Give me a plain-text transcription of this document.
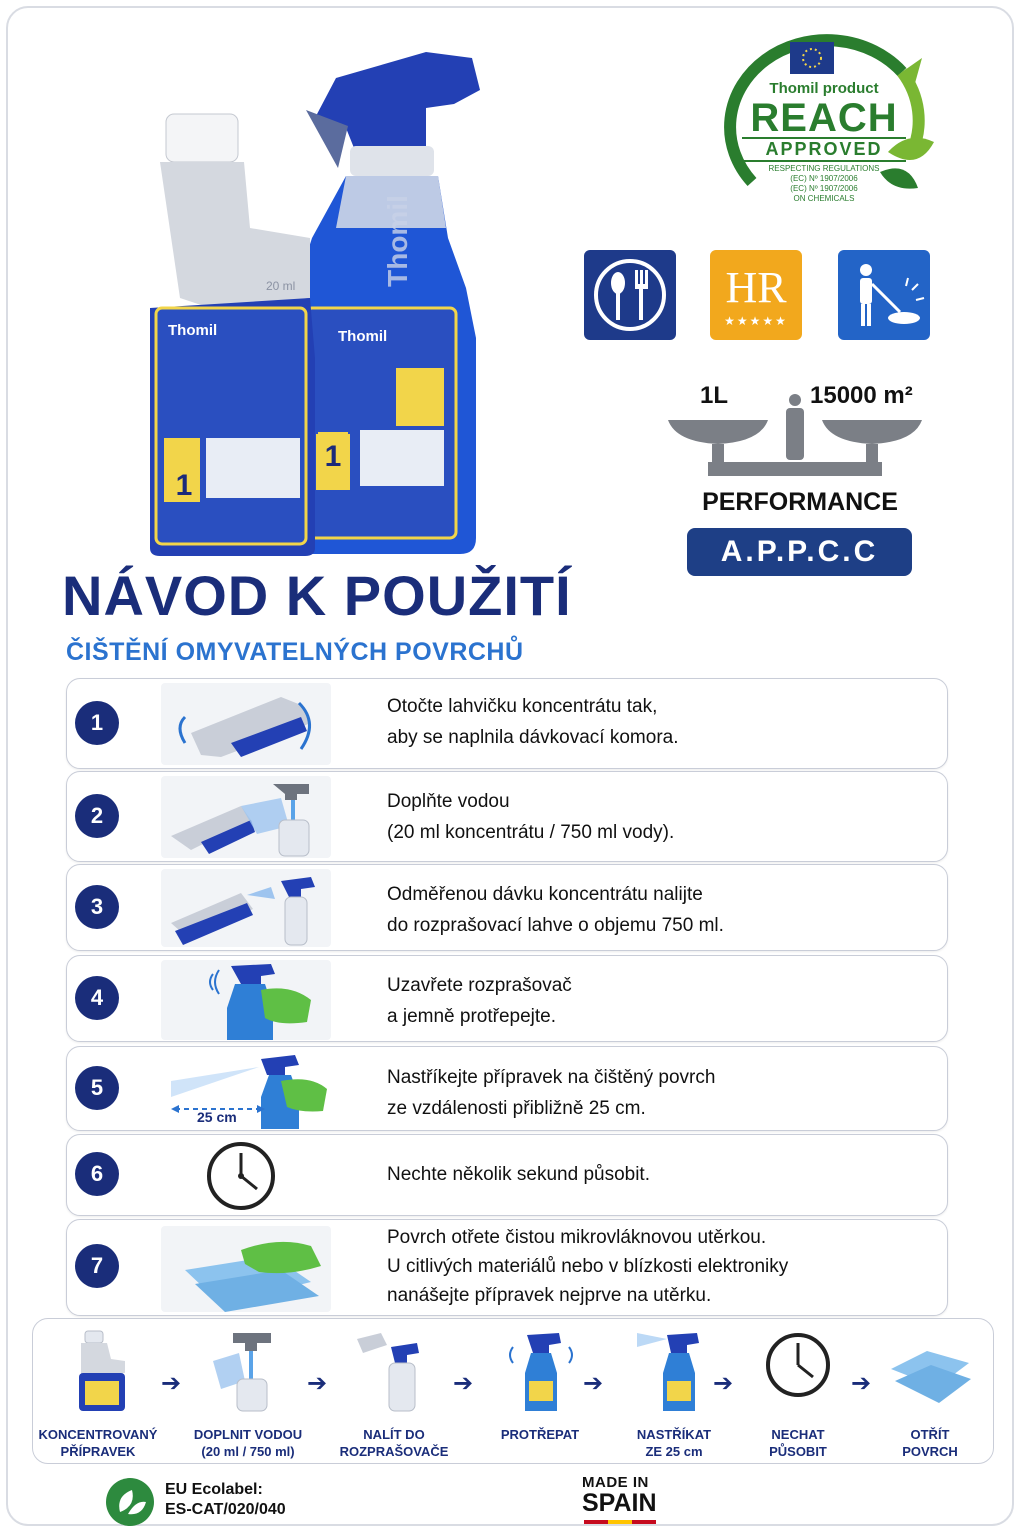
Thomil
Thomil
1
20 ml
Thomil
1
Thomil product
REACH
APPROVED
RESPECTING REGULATIONS
(EC) Nº 1907/2006
(EC) Nº 1907/2006
ON CHEMICALS
HR
★★★★★
1L	15000 m²
PERFORMANCE
A.P.P.C.C
NÁVOD K POUŽITÍ
ČIŠTĚNÍ OMYVATELNÝCH POVRCHŮ
1
Otočte lahvičku koncentrátu tak,
aby se naplnila dávkovací komora.
2
Doplňte vodou
(20 ml koncentrátu / 750 ml vody).
3	Odměřenou dávku koncentrátu nalijte
do rozprašovací lahve o objemu 750 ml.
4	Uzavřete rozprašovač
a jemně protřepejte.
5
25 cm
Nastříkejte přípravek na čištěný povrch
ze vzdálenosti přibližně 25 cm.
6	Nechte několik sekund působit.
7
Povrch otřete čistou mikrovláknovou utěrkou.
U citlivých materiálů nebo v blízkosti elektroniky
nanášejte přípravek nejprve na utěrku.
KONCENTROVANÝ
PŘÍPRAVEK
➔
DOPLNIT VODOU
(20 ml / 750 ml)
➔
NALÍT DO
ROZPRAŠOVAČE
➔
PROTŘEPAT
➔
NASTŘÍKAT
ZE 25 cm
➔
NECHAT
PŮSOBIT
➔
OTŘÍT
POVRCH
EU Ecolabel:
ES-CAT/020/040
MADE IN
SPAIN
